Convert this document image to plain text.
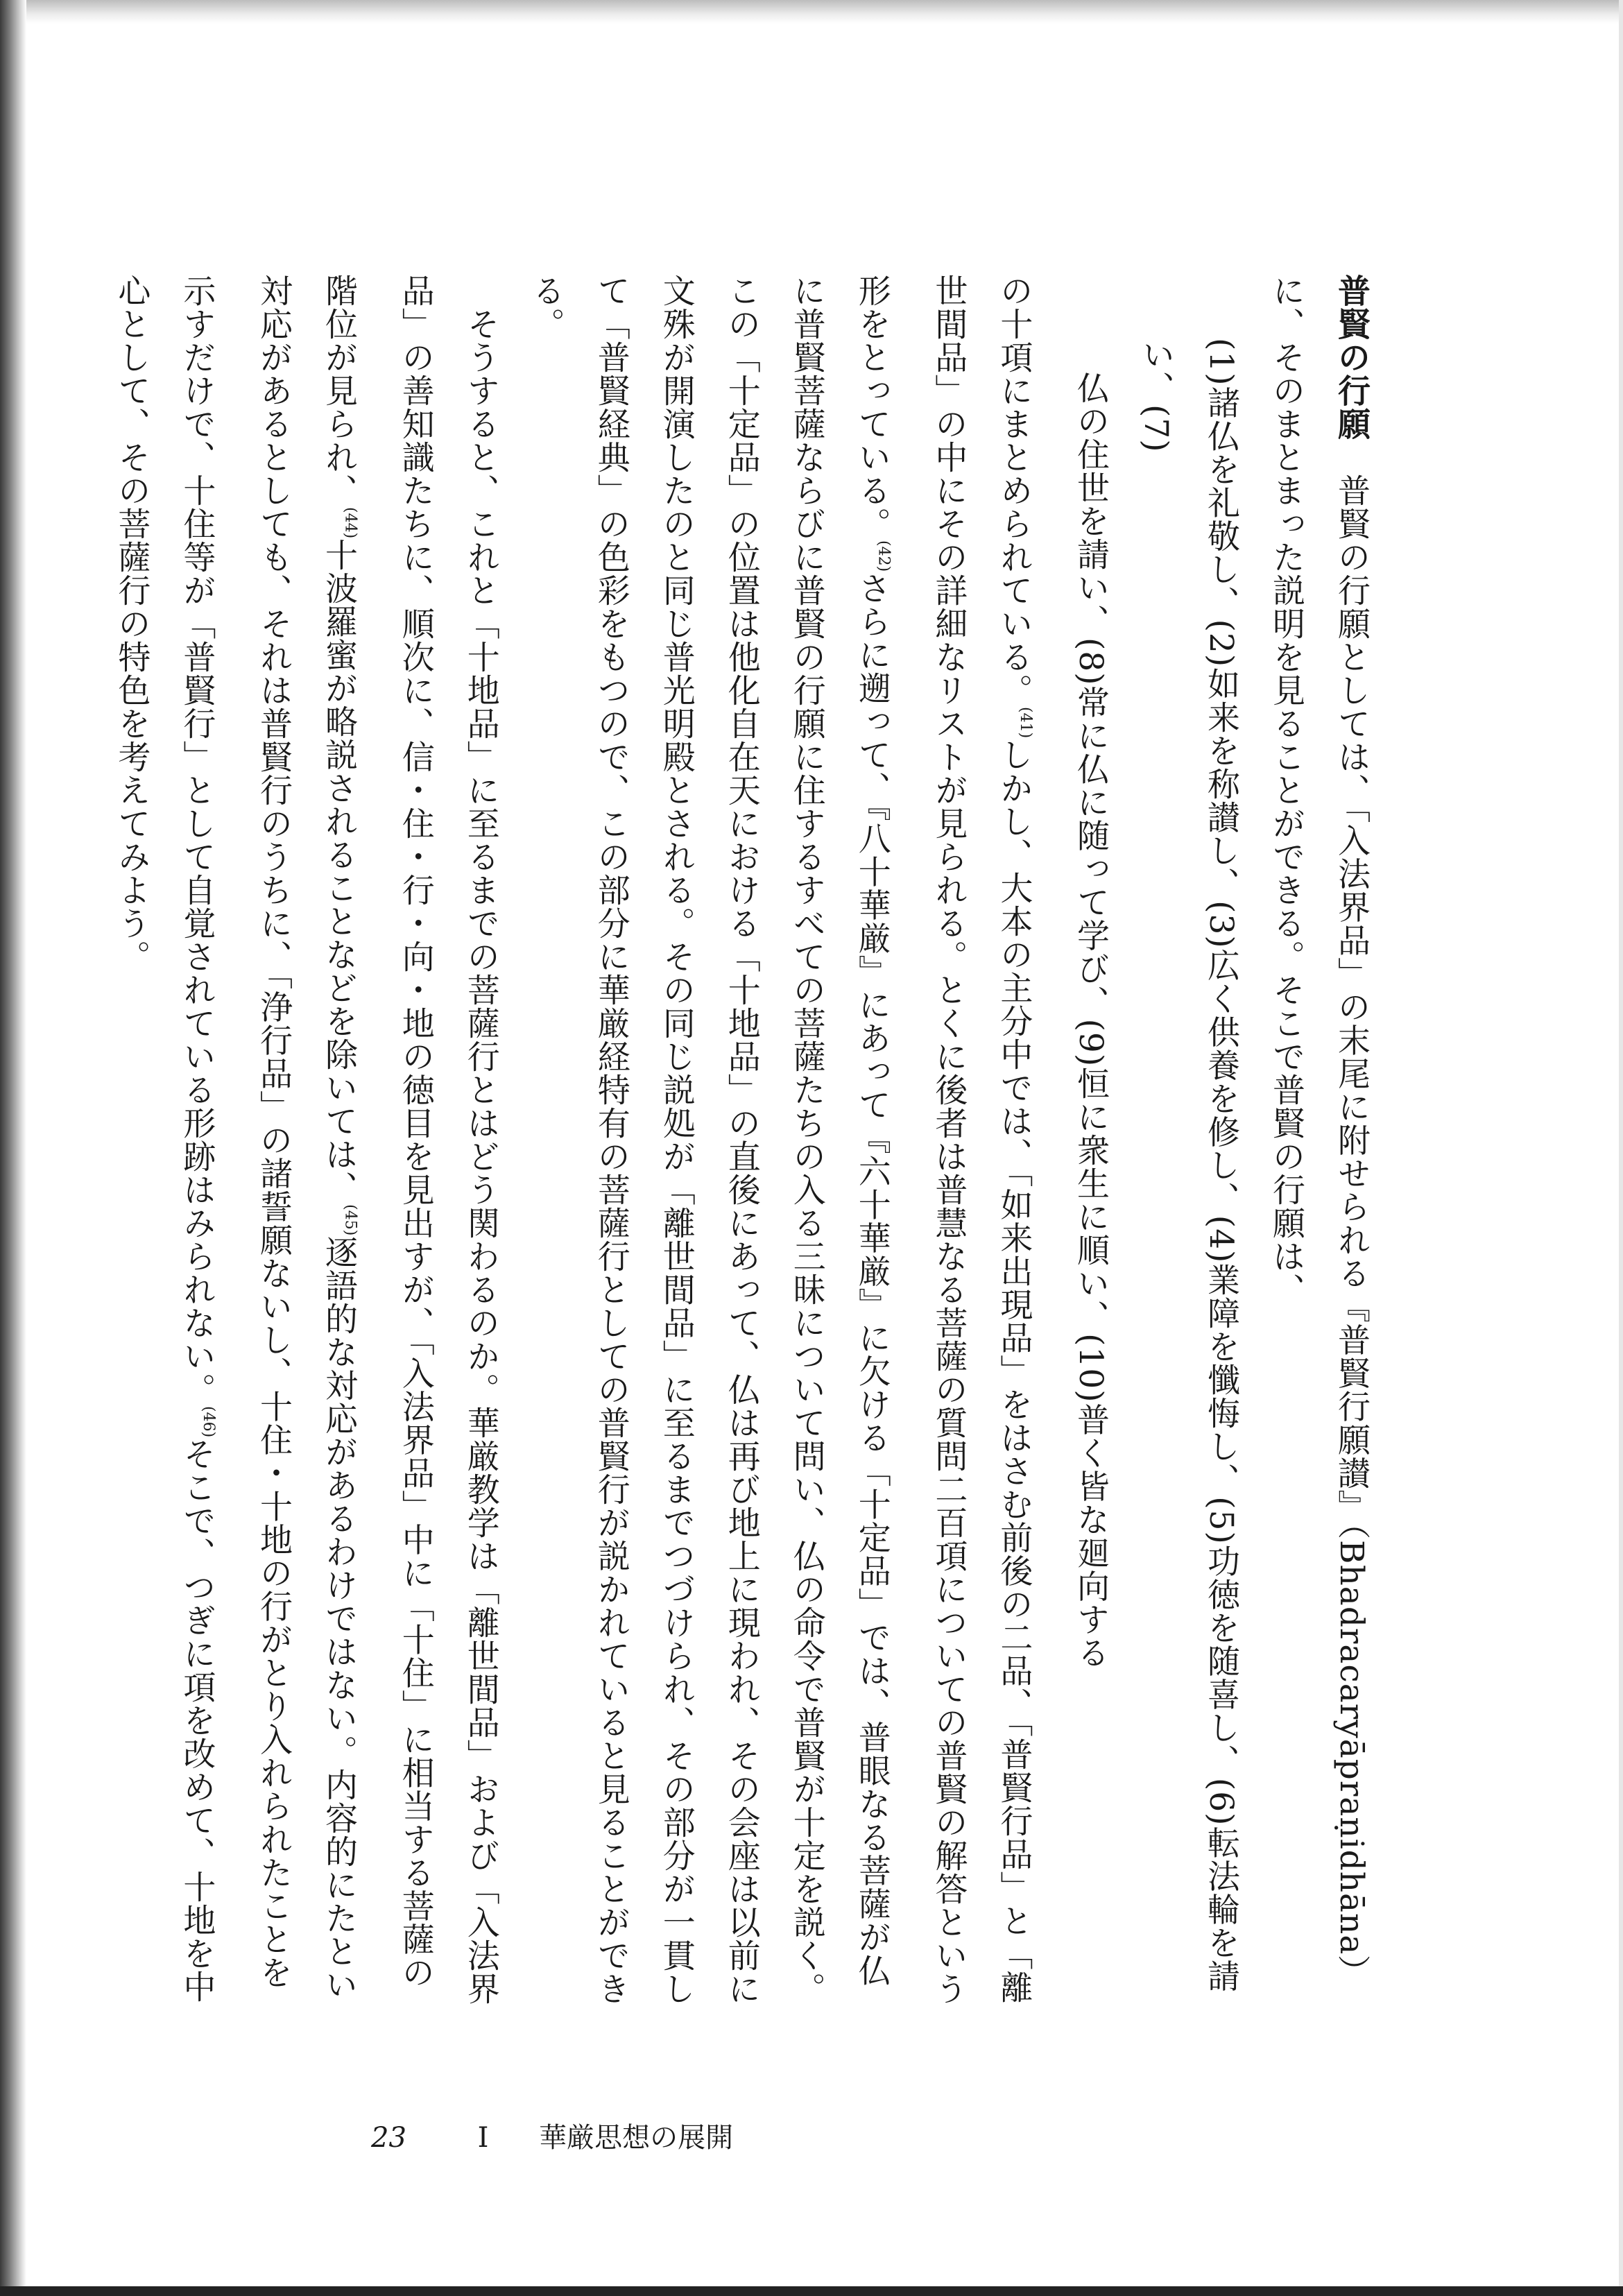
普賢の行願　普賢の行願としては、「入法界品」の末尾に附せられる『普賢行願讃』（Bhadracaryāpraṇidhāna）に、そのまとまった説明を見ることができる。そこで普賢の行願は、

(1)諸仏を礼敬し、(2)如来を称讃し、(3)広く供養を修し、(4)業障を懺悔し、(5)功徳を随喜し、(6)転法輪を請い、(7)

仏の住世を請い、(8)常に仏に随って学び、(9)恒に衆生に順い、(10)普く皆な廻向する

の十項にまとめられている。$^{(41)}$しかし、大本の主分中では、「如来出現品」をはさむ前後の二品、「普賢行品」と「離世間品」の中にその詳細なリストが見られる。とくに後者は普慧なる菩薩の質問二百項についての普賢の解答という形をとっている。$^{(42)}$さらに遡って、『八十華厳』にあって『六十華厳』に欠ける「十定品」では、普眼なる菩薩が仏に普賢菩薩ならびに普賢の行願に住するすべての菩薩たちの入る三昧について問い、仏の命令で普賢が十定を説く。この「十定品」の位置は他化自在天における「十地品」の直後にあって、仏は再び地上に現われ、その会座は以前に文殊が開演したのと同じ普光明殿とされる。その同じ説処が「離世間品」に至るまでつづけられ、その部分が一貫して「普賢経典」の色彩をもつので、この部分に華厳経特有の菩薩行としての普賢行が説かれていると見ることができる。

　そうすると、これと「十地品」に至るまでの菩薩行とはどう関わるのか。華厳教学は「離世間品」および「入法界品」の善知識たちに、順次に、信・住・行・向・地の徳目を見出すが、「入法界品」中に「十住」に相当する菩薩の階位が見られ、$^{(44)}$十波羅蜜が略説されることなどを除いては、$^{(45)}$逐語的な対応があるわけではない。内容的にたとい対応があるとしても、それは普賢行のうちに、「浄行品」の諸誓願ないし、十住・十地の行がとり入れられたことを示すだけで、十住等が「普賢行」として自覚されている形跡はみられない。$^{(46)}$そこで、つぎに項を改めて、十地を中心として、その菩薩行の特色を考えてみよう。

23	I 華厳思想の展開
